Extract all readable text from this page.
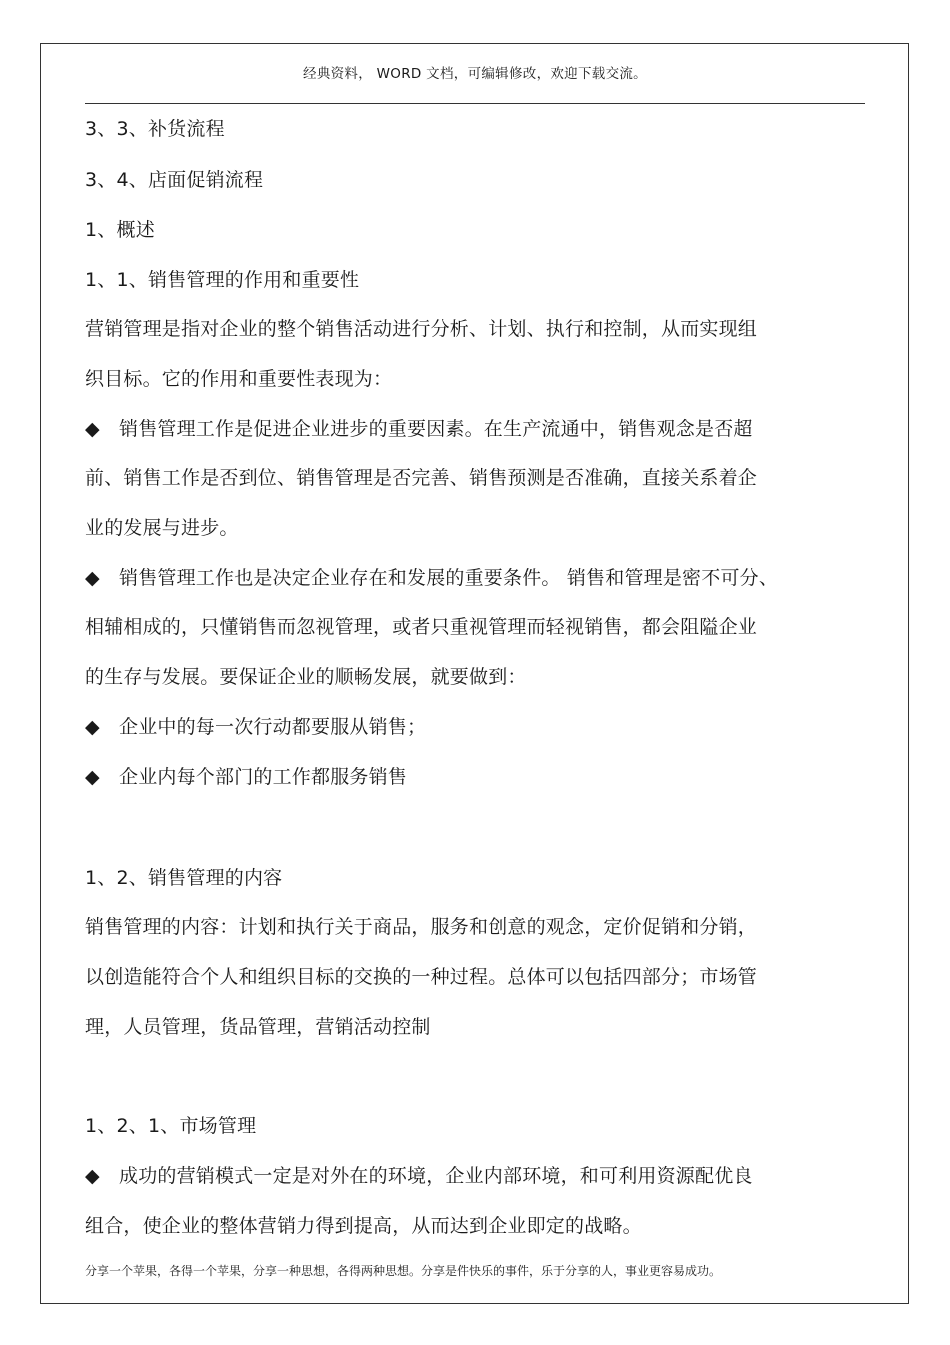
经典资料， WORD 文档，可编辑修改，欢迎下载交流。
3、3、补货流程
3、4、店面促销流程
1、概述
1、1、销售管理的作用和重要性
营销管理是指对企业的整个销售活动进行分析、计划、执行和控制，从而实现组
织目标。它的作用和重要性表现为：
◆ 销售管理工作是促进企业进步的重要因素。在生产流通中，销售观念是否超
前、销售工作是否到位、销售管理是否完善、销售预测是否准确，直接关系着企
业的发展与进步。
◆ 销售管理工作也是决定企业存在和发展的重要条件。 销售和管理是密不可分、
相辅相成的，只懂销售而忽视管理，或者只重视管理而轻视销售，都会阻隘企业
的生存与发展。要保证企业的顺畅发展，就要做到：
◆ 企业中的每一次行动都要服从销售；
◆ 企业内每个部门的工作都服务销售
1、2、销售管理的内容
销售管理的内容：计划和执行关于商品，服务和创意的观念，定价促销和分销，
以创造能符合个人和组织目标的交换的一种过程。总体可以包括四部分；市场管
理，人员管理，货品管理，营销活动控制
1、2、1、市场管理
◆ 成功的营销模式一定是对外在的环境，企业内部环境，和可利用资源配优良
组合，使企业的整体营销力得到提高，从而达到企业即定的战略。
分享一个苹果，各得一个苹果，分享一种思想，各得两种思想。分享是件快乐的事件，乐于分享的人，事业更容易成功。
